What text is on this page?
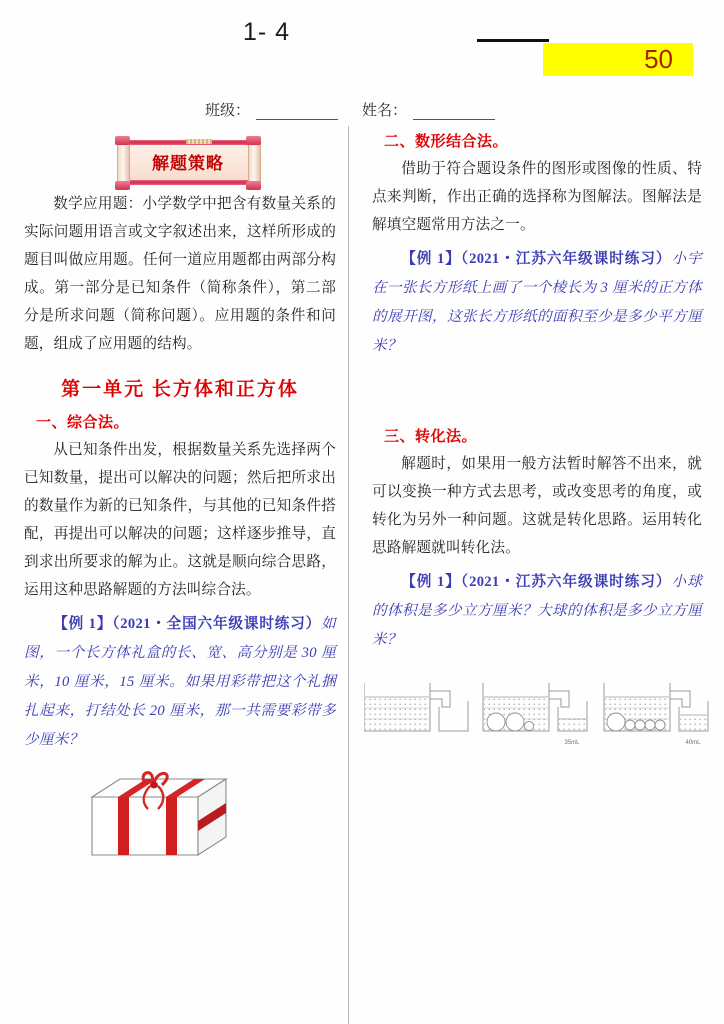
1- 4
50
班级：	姓名：
解题策略

数学应用题：小学数学中把含有数量关系的实际问题用语言或文字叙述出来，这样所形成的题目叫做应用题。任何一道应用题都由两部分构成。第一部分是已知条件（简称条件），第二部分是所求问题（简称问题）。应用题的条件和问题，组成了应用题的结构。

第一单元 长方体和正方体
一、综合法。

从已知条件出发，根据数量关系先选择两个已知数量，提出可以解决的问题；然后把所求出的数量作为新的已知条件，与其他的已知条件搭配，再提出可以解决的问题；这样逐步推导，直到求出所要求的解为止。这就是顺向综合思路，运用这种思路解题的方法叫综合法。

【例 1】（2021・全国六年级课时练习）如图，一个长方体礼盒的长、宽、高分别是 30 厘米，10 厘米，15 厘米。如果用彩带把这个礼捆扎起来，打结处长 20 厘米，那一共需要彩带多少厘米？

二、数形结合法。

借助于符合题设条件的图形或图像的性质、特点来判断，作出正确的选择称为图解法。图解法是解填空题常用方法之一。

【例 1】（2021・江苏六年级课时练习）小宇在一张长方形纸上画了一个棱长为 3 厘米的正方体的展开图，这张长方形纸的面积至少是多少平方厘米？

三、转化法。

解题时，如果用一般方法暂时解答不出来，就可以变换一种方式去思考，或改变思考的角度，或转化为另外一种问题。这就是转化思路。运用转化思路解题就叫转化法。

【例 1】（2021・江苏六年级课时练习）小球的体积是多少立方厘米？大球的体积是多少立方厘米？

35mL	40mL
